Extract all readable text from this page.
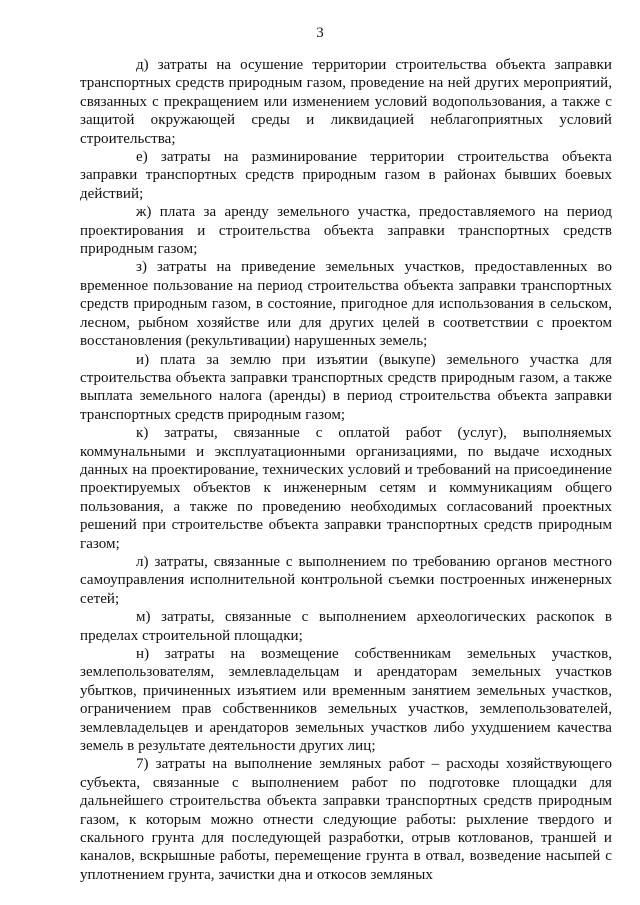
3

д) затраты на осушение территории строительства объекта заправки транспортных средств природным газом, проведение на ней других мероприятий, связанных с прекращением или изменением условий водопользования, а также с защитой окружающей среды и ликвидацией неблагоприятных условий строительства;

е) затраты на разминирование территории строительства объекта заправки транспортных средств природным газом в районах бывших боевых действий;

ж) плата за аренду земельного участка, предоставляемого на период проектирования и строительства объекта заправки транспортных средств природным газом;

з) затраты на приведение земельных участков, предоставленных во временное пользование на период строительства объекта заправки транспортных средств природным газом, в состояние, пригодное для использования в сельском, лесном, рыбном хозяйстве или для других целей в соответствии с проектом восстановления (рекультивации) нарушенных земель;

и) плата за землю при изъятии (выкупе) земельного участка для строительства объекта заправки транспортных средств природным газом, а также выплата земельного налога (аренды) в период строительства объекта заправки транспортных средств природным газом;

к) затраты, связанные с оплатой работ (услуг), выполняемых коммунальными и эксплуатационными организациями, по выдаче исходных данных на проектирование, технических условий и требований на присоединение проектируемых объектов к инженерным сетям и коммуникациям общего пользования, а также по проведению необходимых согласований проектных решений при строительстве объекта заправки транспортных средств природным газом;

л) затраты, связанные с выполнением по требованию органов местного самоуправления исполнительной контрольной съемки построенных инженерных сетей;

м) затраты, связанные с выполнением археологических раскопок в пределах строительной площадки;

н) затраты на возмещение собственникам земельных участков, землепользователям, землевладельцам и арендаторам земельных участков убытков, причиненных изъятием или временным занятием земельных участков, ограничением прав собственников земельных участков, землепользователей, землевладельцев и арендаторов земельных участков либо ухудшением качества земель в результате деятельности других лиц;

7) затраты на выполнение земляных работ – расходы хозяйствующего субъекта, связанные с выполнением работ по подготовке площадки для дальнейшего строительства объекта заправки транспортных средств природным газом, к которым можно отнести следующие работы: рыхление твердого и скального грунта для последующей разработки, отрыв котлованов, траншей и каналов, вскрышные работы, перемещение грунта в отвал, возведение насыпей с уплотнением грунта, зачистки дна и откосов земляных
